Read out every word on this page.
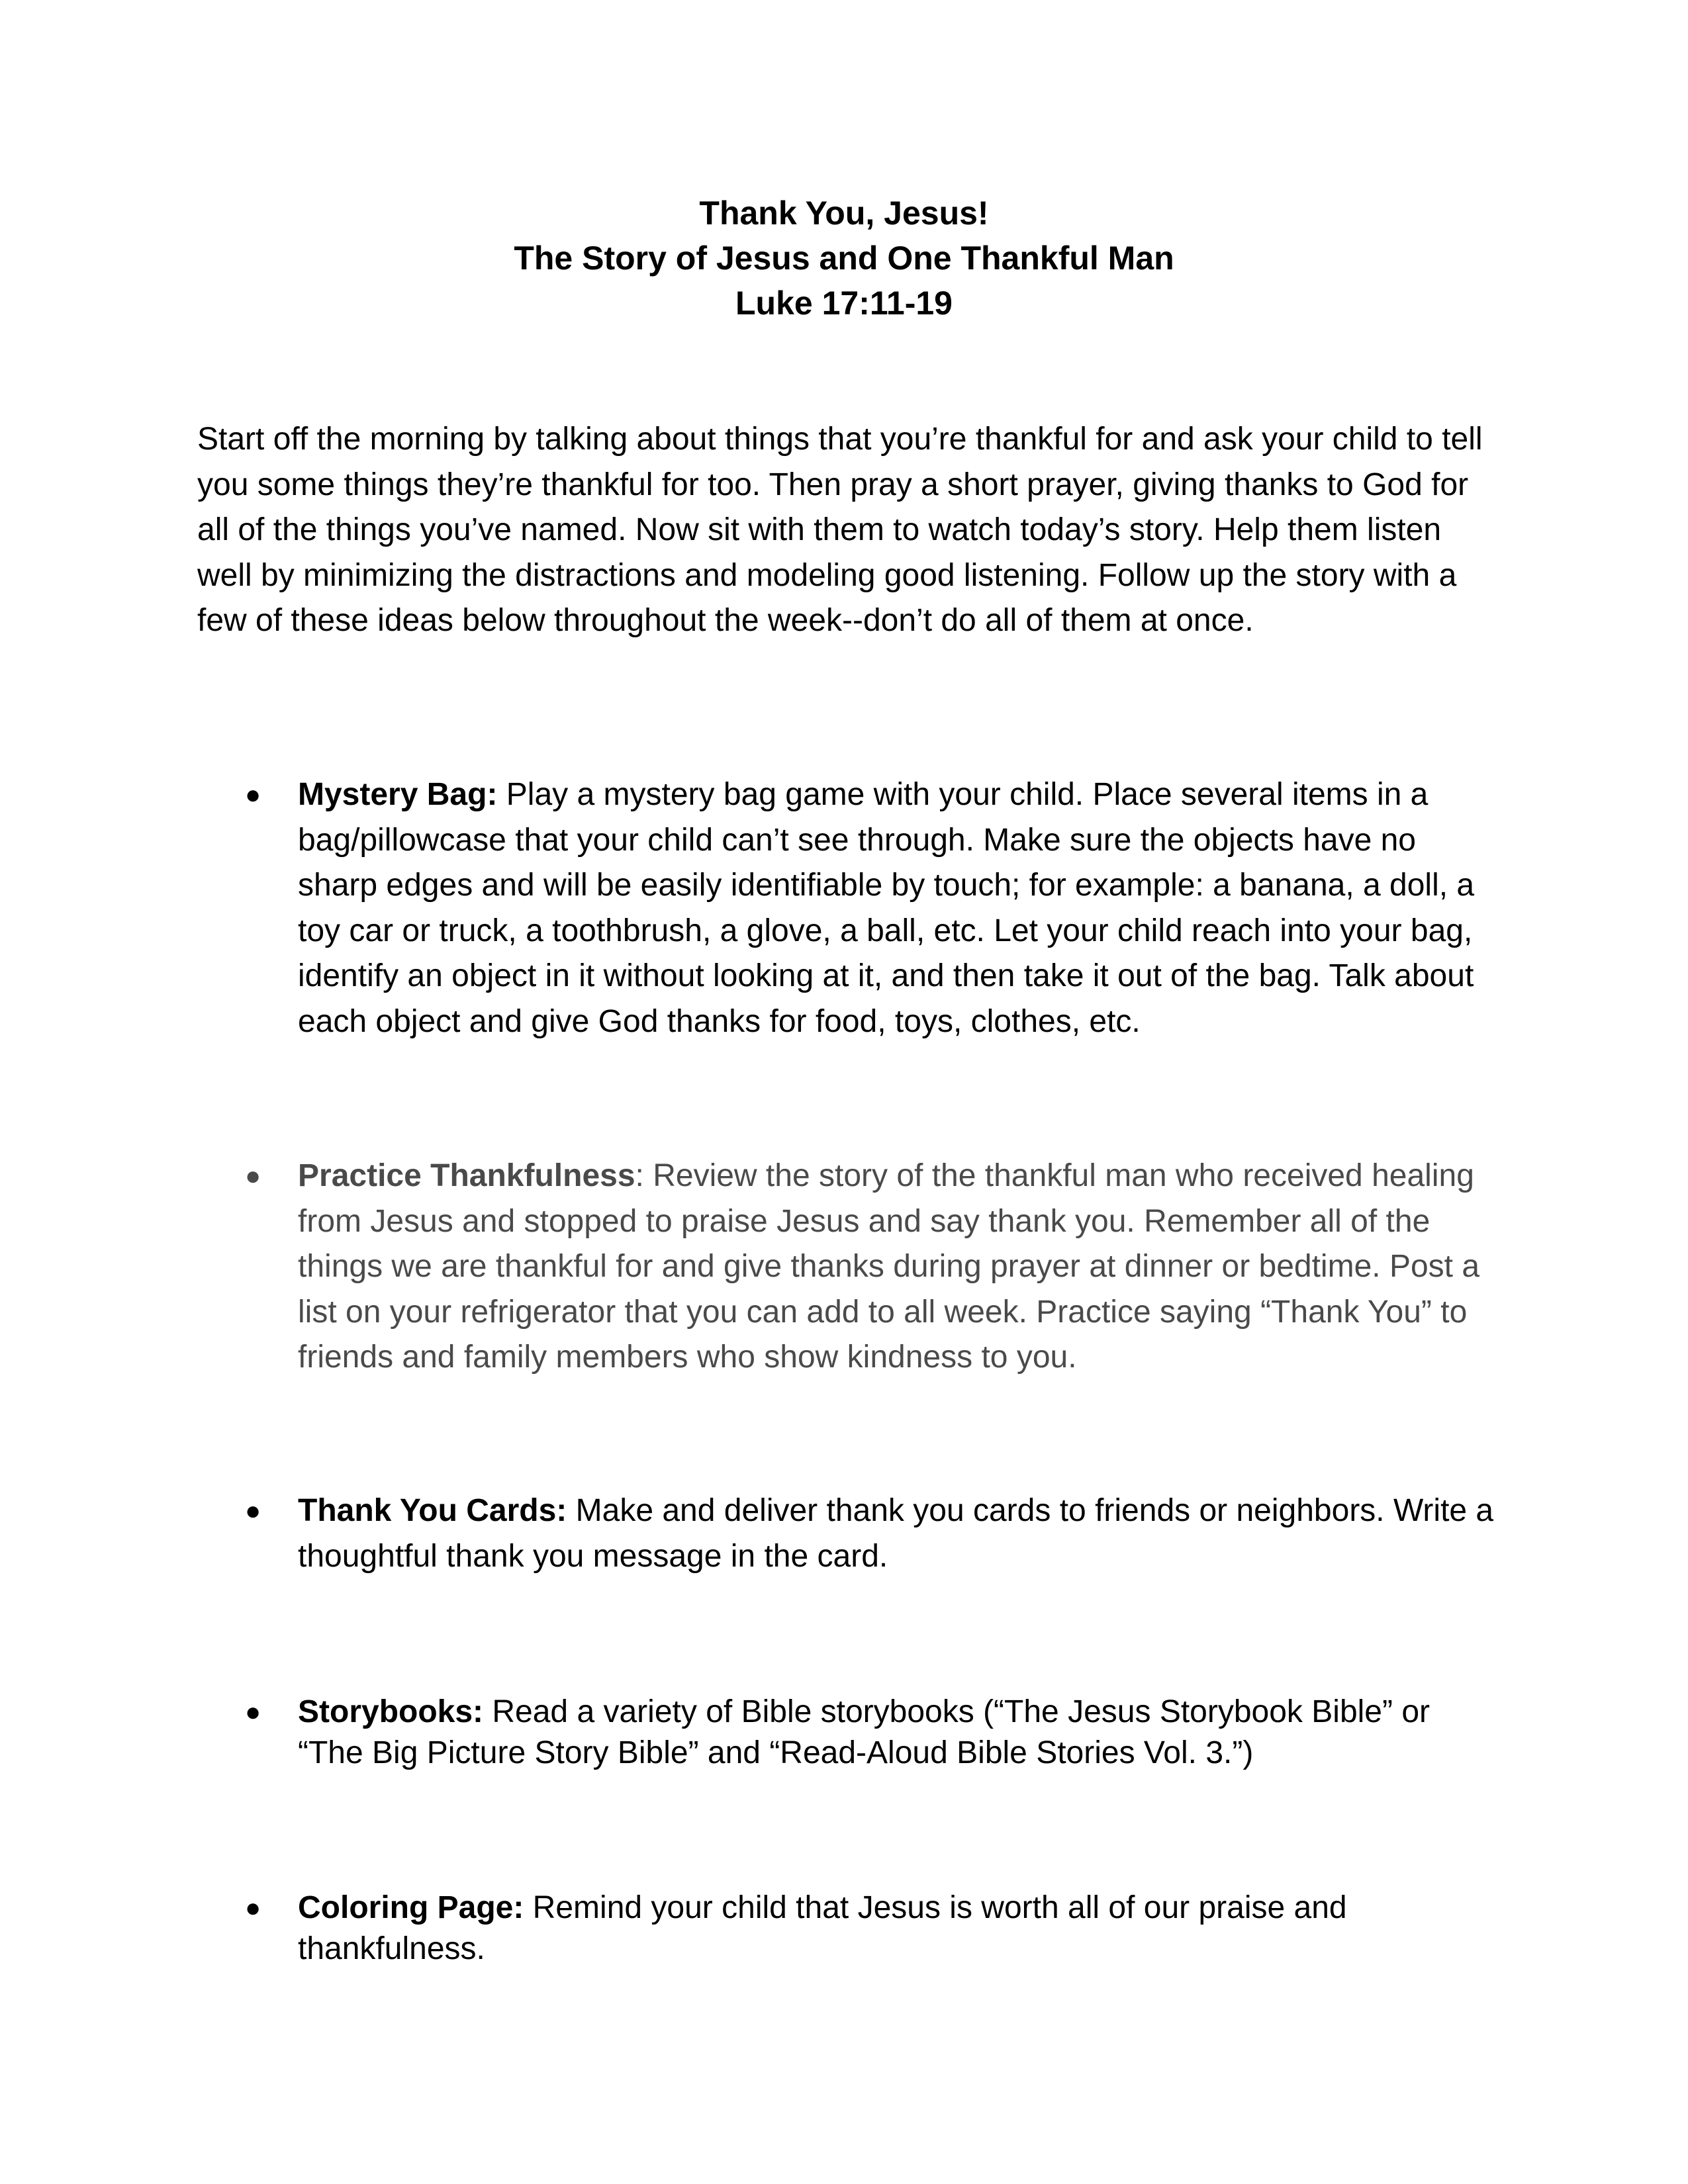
Thank You, Jesus!
The Story of Jesus and One Thankful Man
Luke 17:11-19

Start off the morning by talking about things that you’re thankful for and ask your child to tell you some things they’re thankful for too. Then pray a short prayer, giving thanks to God for all of the things you’ve named. Now sit with them to watch today’s story. Help them listen well by minimizing the distractions and modeling good listening. Follow up the story with a few of these ideas below throughout the week--don’t do all of them at once.

● Mystery Bag: Play a mystery bag game with your child. Place several items in a bag/pillowcase that your child can’t see through. Make sure the objects have no sharp edges and will be easily identifiable by touch; for example: a banana, a doll, a toy car or truck, a toothbrush, a glove, a ball, etc. Let your child reach into your bag, identify an object in it without looking at it, and then take it out of the bag. Talk about each object and give God thanks for food, toys, clothes, etc.
● Practice Thankfulness: Review the story of the thankful man who received healing from Jesus and stopped to praise Jesus and say thank you. Remember all of the things we are thankful for and give thanks during prayer at dinner or bedtime. Post a list on your refrigerator that you can add to all week. Practice saying “Thank You” to friends and family members who show kindness to you.
● Thank You Cards: Make and deliver thank you cards to friends or neighbors. Write a thoughtful thank you message in the card.
● Storybooks: Read a variety of Bible storybooks (“The Jesus Storybook Bible” or “The Big Picture Story Bible” and “Read-Aloud Bible Stories Vol. 3.”)
● Coloring Page: Remind your child that Jesus is worth all of our praise and thankfulness.
